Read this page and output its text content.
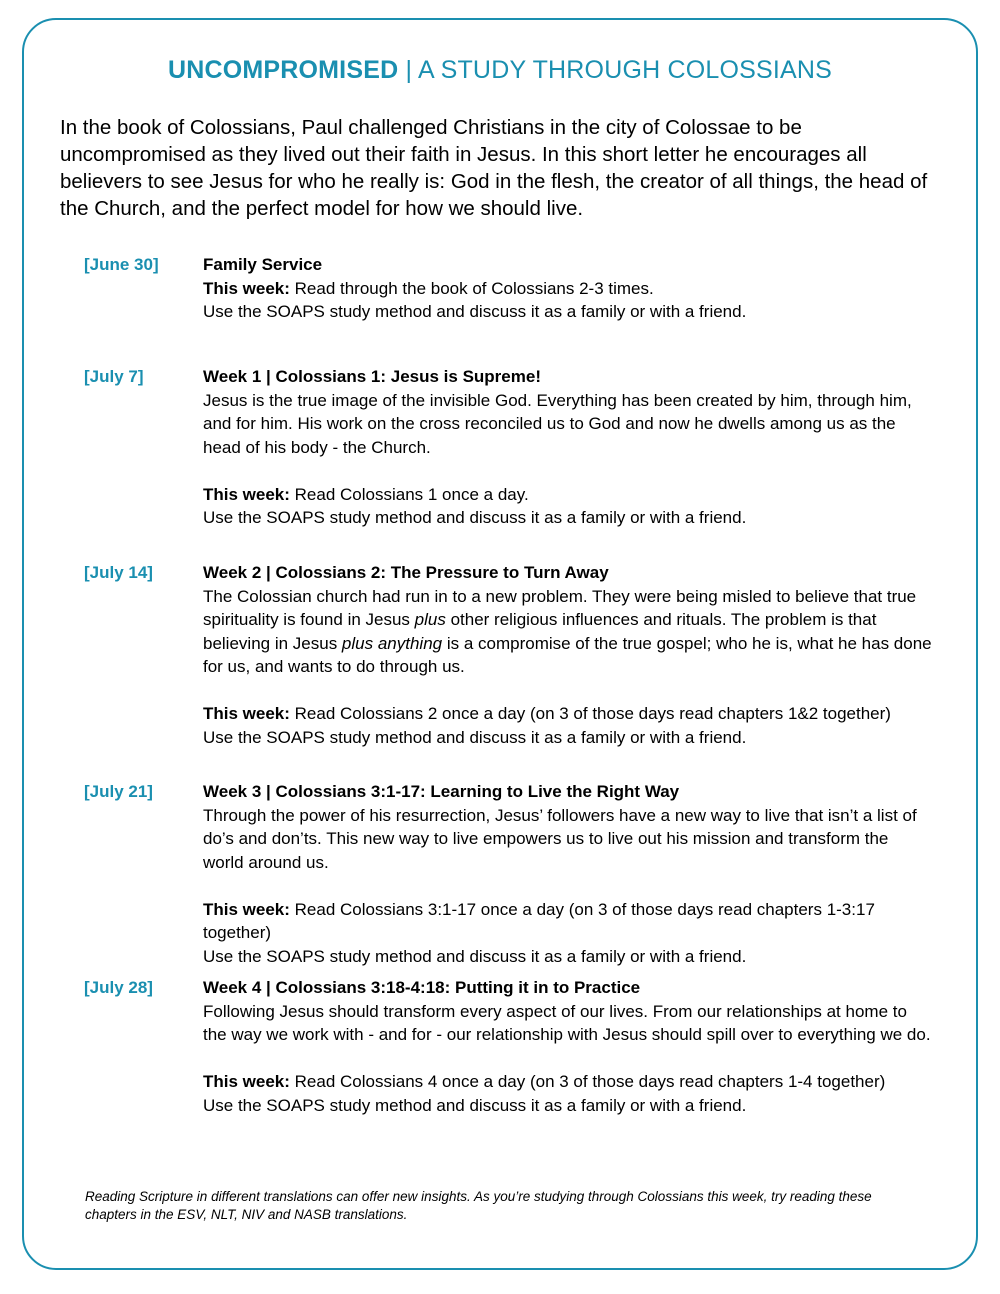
UNCOMPROMISED | A STUDY THROUGH COLOSSIANS

In the book of Colossians, Paul challenged Christians in the city of Colossae to be uncompromised as they lived out their faith in Jesus. In this short letter he encourages all believers to see Jesus for who he really is: God in the flesh, the creator of all things, the head of the Church, and the perfect model for how we should live.

[June 30]	Family Service

This week: Read through the book of Colossians 2-3 times.

Use the SOAPS study method and discuss it as a family or with a friend.

[July 7]	Week 1 | Colossians 1: Jesus is Supreme!

Jesus is the true image of the invisible God. Everything has been created by him, through him, and for him. His work on the cross reconciled us to God and now he dwells among us as the head of his body - the Church.

This week: Read Colossians 1 once a day.

Use the SOAPS study method and discuss it as a family or with a friend.

[July 14]	Week 2 | Colossians 2: The Pressure to Turn Away

The Colossian church had run in to a new problem. They were being misled to believe that true spirituality is found in Jesus plus other religious influences and rituals. The problem is that believing in Jesus plus anything is a compromise of the true gospel; who he is, what he has done for us, and wants to do through us.

This week: Read Colossians 2 once a day (on 3 of those days read chapters 1&2 together)

Use the SOAPS study method and discuss it as a family or with a friend.

[July 21]	Week 3 | Colossians 3:1-17: Learning to Live the Right Way

Through the power of his resurrection, Jesus’ followers have a new way to live that isn’t a list of do’s and don’ts. This new way to live empowers us to live out his mission and transform the world around us.

This week: Read Colossians 3:1-17 once a day (on 3 of those days read chapters 1-3:17 together)

Use the SOAPS study method and discuss it as a family or with a friend.

[July 28]	Week 4 | Colossians 3:18-4:18: Putting it in to Practice

Following Jesus should transform every aspect of our lives. From our relationships at home to the way we work with - and for - our relationship with Jesus should spill over to everything we do.

This week: Read Colossians 4 once a day (on 3 of those days read chapters 1-4 together)

Use the SOAPS study method and discuss it as a family or with a friend.

Reading Scripture in different translations can offer new insights. As you’re studying through Colossians this week, try reading these chapters in the ESV, NLT, NIV and NASB translations.
